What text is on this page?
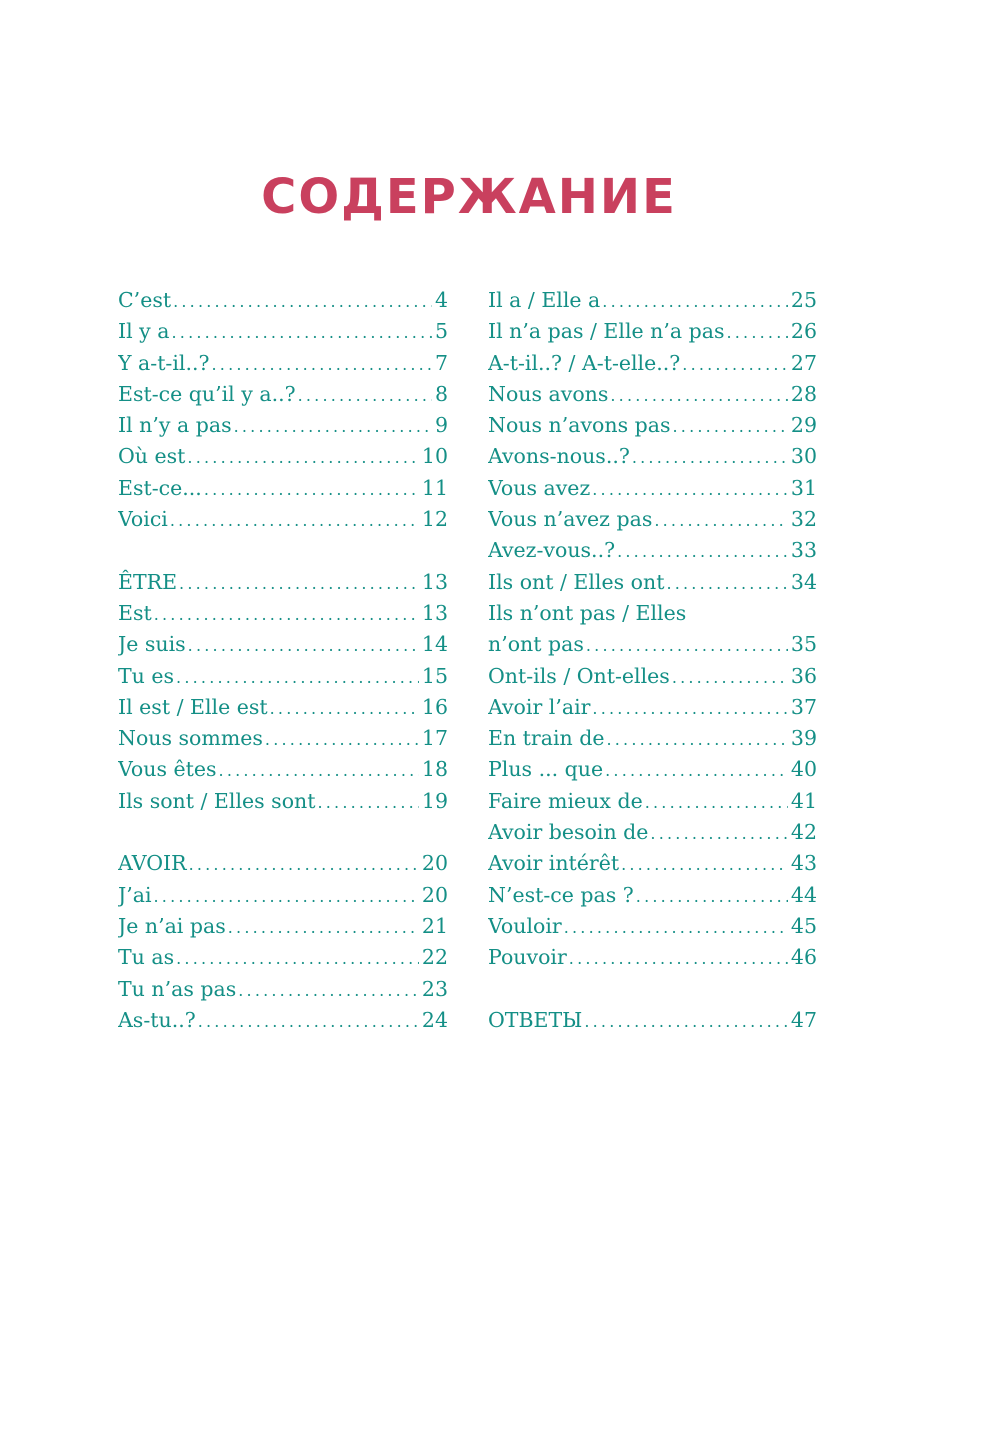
СОДЕРЖАНИЕ
C’est .....	4
Il y a .....	5
Y a-t-il..? .....	7
Est-ce qu’il y a..? .....	8
Il n’y a pas .....	9
Où est .....	10
Est-ce... .....	11
Voici .....	12
ÊTRE .....	13
Est .....	13
Je suis .....	14
Tu es .....	15
Il est / Elle est .....	16
Nous sommes .....	17
Vous êtes .....	18
Ils sont / Elles sont .....	19
AVOIR .....	20
J’ai .....	20
Je n’ai pas .....	21
Tu as .....	22
Tu n’as pas .....	23
As-tu..? .....	24
Il a / Elle a .....	25
Il n’a pas / Elle n’a pas .....	26
A-t-il..? / A-t-elle..? .....	27
Nous avons .....	28
Nous n’avons pas .....	29
Avons-nous..? .....	30
Vous avez .....	31
Vous n’avez pas .....	32
Avez-vous..? .....	33
Ils ont / Elles ont .....	34
Ils n’ont pas / Elles
n’ont pas .....	35
Ont-ils / Ont-elles .....	36
Avoir l’air .....	37
En train de .....	39
Plus ... que .....	40
Faire mieux de .....	41
Avoir besoin de .....	42
Avoir intérêt .....	43
N’est-ce pas ? .....	44
Vouloir .....	45
Pouvoir .....	46
ОТВЕТЫ .....	47
